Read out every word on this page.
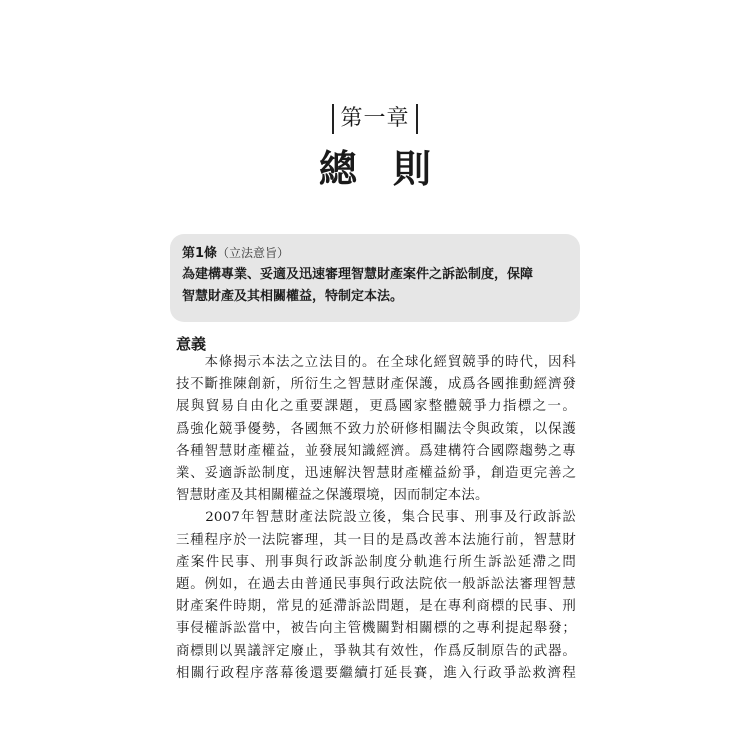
第一章
總則
第1條（立法意旨）
為建構專業、妥適及迅速審理智慧財產案件之訴訟制度，保障
智慧財產及其相關權益，特制定本法。
意義
　　本條揭示本法之立法目的。在全球化經貿競爭的時代，因科
技不斷推陳創新，所衍生之智慧財產保護，成爲各國推動經濟發
展與貿易自由化之重要課題，更爲國家整體競爭力指標之一。
爲強化競爭優勢，各國無不致力於研修相關法令與政策，以保護
各種智慧財產權益，並發展知識經濟。爲建構符合國際趨勢之專
業、妥適訴訟制度，迅速解決智慧財產權益紛爭，創造更完善之
智慧財產及其相關權益之保護環境，因而制定本法。
　　2007年智慧財產法院設立後，集合民事、刑事及行政訴訟
三種程序於一法院審理，其一目的是爲改善本法施行前，智慧財
產案件民事、刑事與行政訴訟制度分軌進行所生訴訟延滯之問
題。例如，在過去由普通民事與行政法院依一般訴訟法審理智慧
財產案件時期，常見的延滯訴訟問題，是在專利商標的民事、刑
事侵權訴訟當中，被告向主管機關對相關標的之專利提起舉發；
商標則以異議評定廢止，爭執其有效性，作爲反制原告的武器。
相關行政程序落幕後還要繼續打延長賽，進入行政爭訟救濟程
